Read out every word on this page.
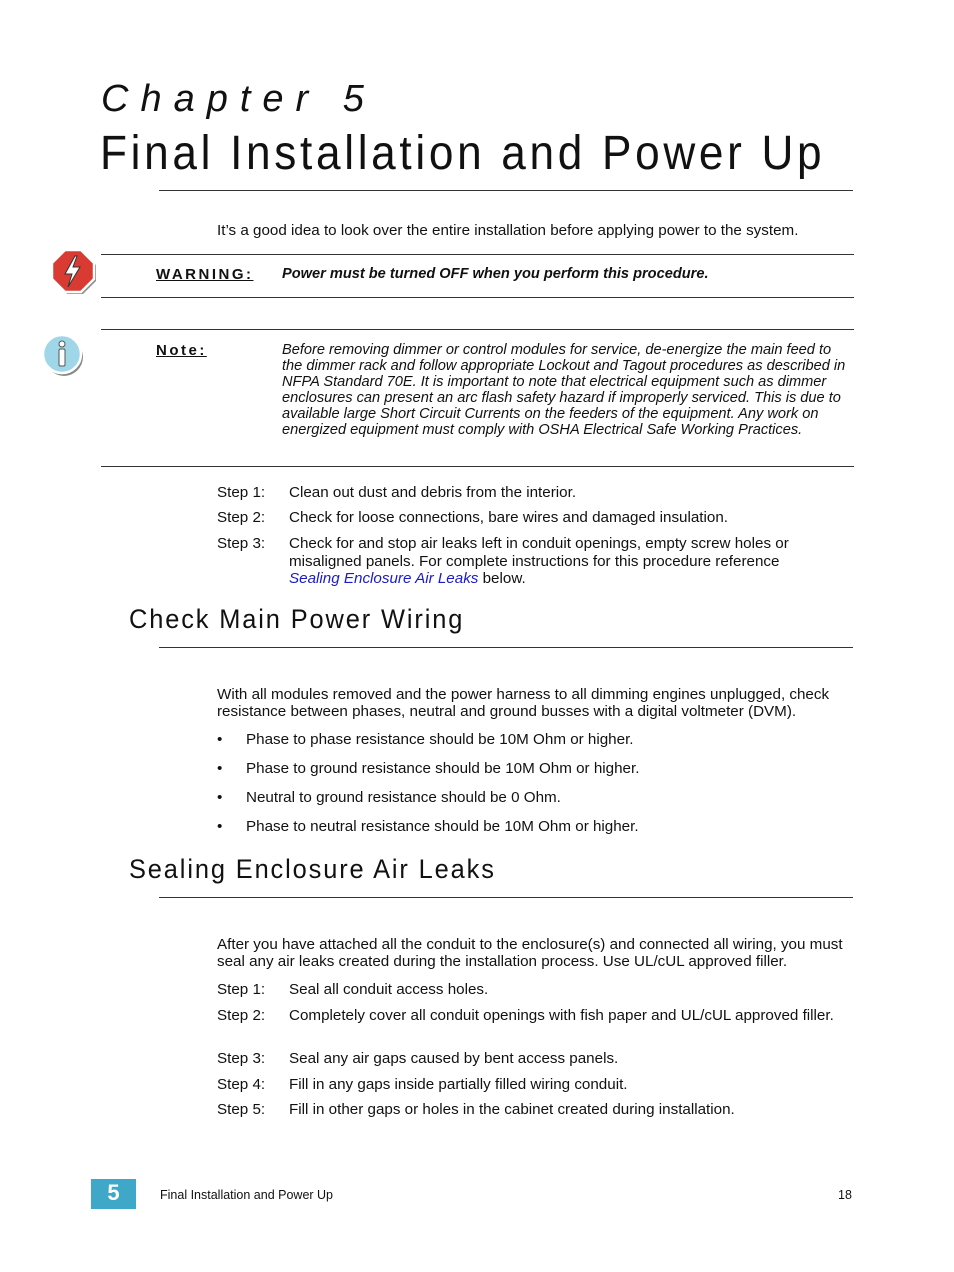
Chapter 5
Final Installation and Power Up
It’s a good idea to look over the entire installation before applying power to the system.
WARNING: Power must be turned OFF when you perform this procedure.
Note:	Before removing dimmer or control modules for service, de-energize the main feed to the dimmer rack and follow appropriate Lockout and Tagout procedures as described in NFPA Standard 70E. It is important to note that electrical equipment such as dimmer enclosures can present an arc flash safety hazard if improperly serviced. This is due to available large Short Circuit Currents on the feeders of the equipment. Any work on energized equipment must comply with OSHA Electrical Safe Working Practices.
Step 1:	Clean out dust and debris from the interior.
Step 2:	Check for loose connections, bare wires and damaged insulation.
Step 3:	Check for and stop air leaks left in conduit openings, empty screw holes or misaligned panels. For complete instructions for this procedure reference Sealing Enclosure Air Leaks below.
Check Main Power Wiring
With all modules removed and the power harness to all dimming engines unplugged, check resistance between phases, neutral and ground busses with a digital voltmeter (DVM).
• Phase to phase resistance should be 10M Ohm or higher.
• Phase to ground resistance should be 10M Ohm or higher.
• Neutral to ground resistance should be 0 Ohm.
• Phase to neutral resistance should be 10M Ohm or higher.
Sealing Enclosure Air Leaks
After you have attached all the conduit to the enclosure(s) and connected all wiring, you must seal any air leaks created during the installation process. Use UL/cUL approved filler.
Step 1:	Seal all conduit access holes.
Step 2:	Completely cover all conduit openings with fish paper and UL/cUL approved filler.
Step 3:	Seal any air gaps caused by bent access panels.
Step 4:	Fill in any gaps inside partially filled wiring conduit.
Step 5:	Fill in other gaps or holes in the cabinet created during installation.
5	Final Installation and Power Up	18
